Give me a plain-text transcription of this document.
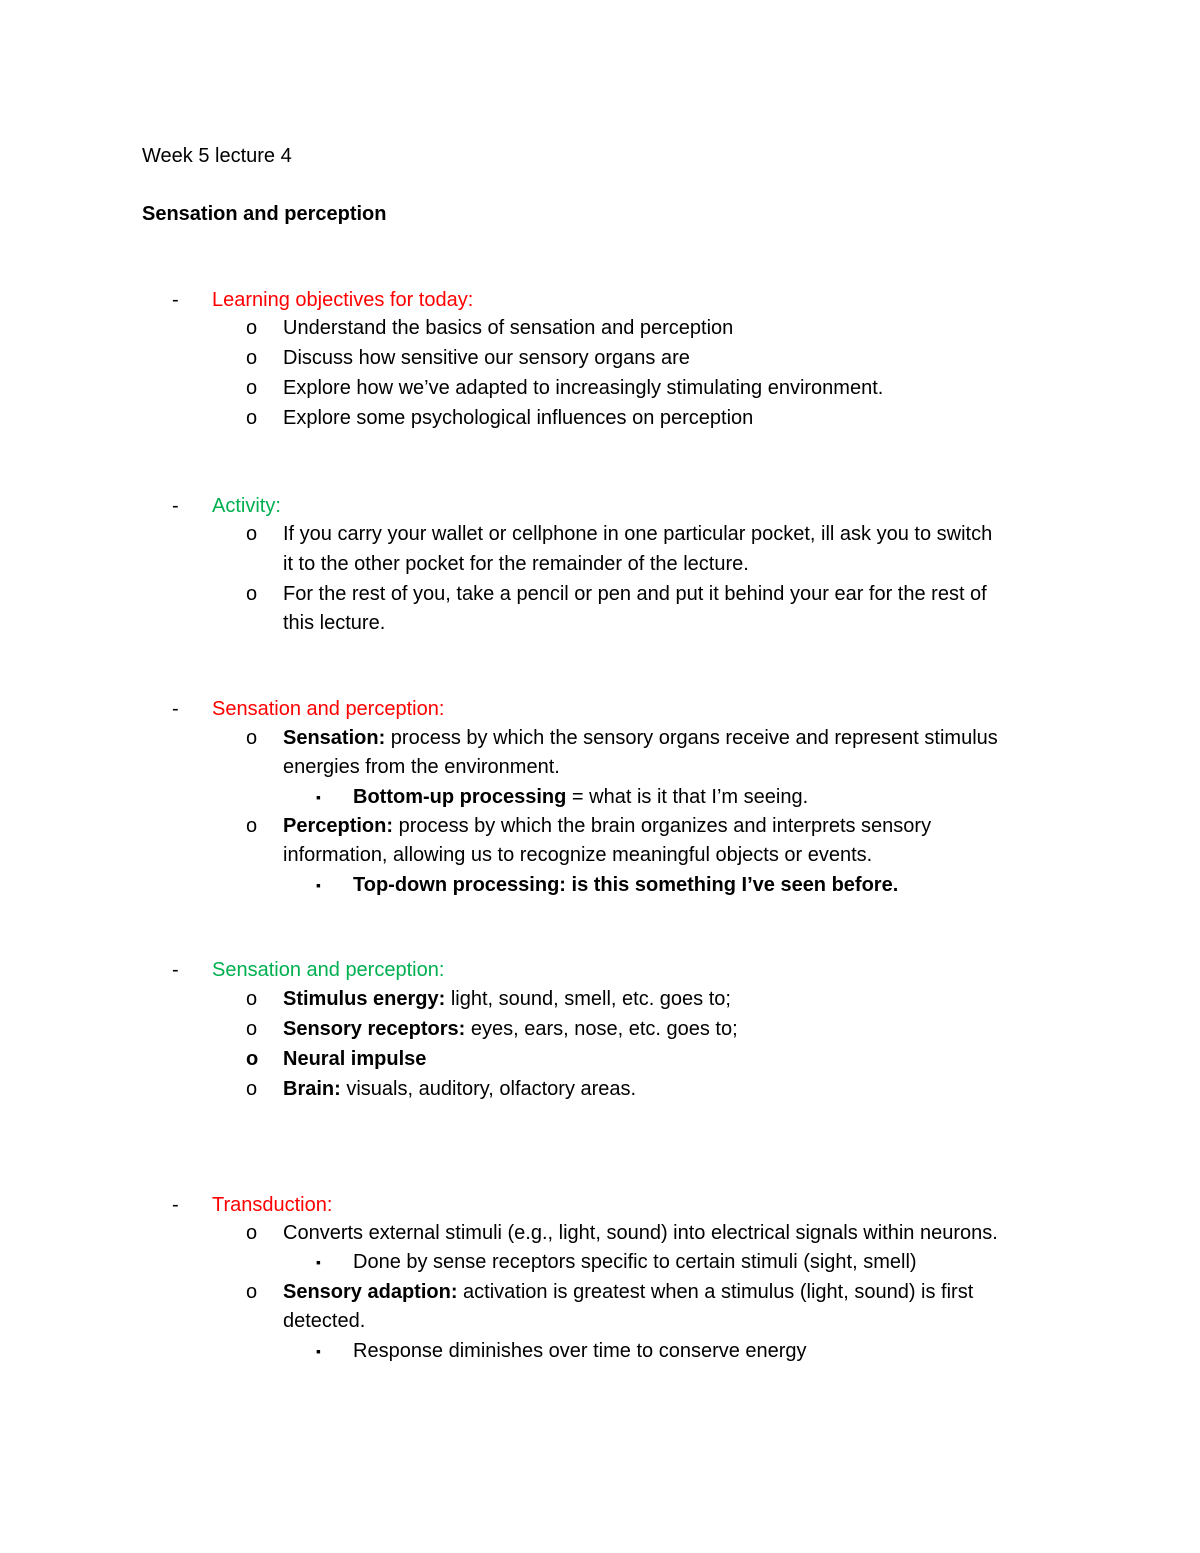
Week 5 lecture 4
Sensation and perception
-
Learning objectives for today:
o
Understand the basics of sensation and perception
o
Discuss how sensitive our sensory organs are
o
Explore how we’ve adapted to increasingly stimulating environment.
o
Explore some psychological influences on perception
-
Activity:
o
If you carry your wallet or cellphone in one particular pocket, ill ask you to switch
it to the other pocket for the remainder of the lecture.
o
For the rest of you, take a pencil or pen and put it behind your ear for the rest of
this lecture.
-
Sensation and perception:
o
Sensation: process by which the sensory organs receive and represent stimulus
energies from the environment.
▪
Bottom-up processing = what is it that I’m seeing.
o
Perception: process by which the brain organizes and interprets sensory
information, allowing us to recognize meaningful objects or events.
▪
Top-down processing: is this something I’ve seen before.
-
Sensation and perception:
o
Stimulus energy: light, sound, smell, etc. goes to;
o
Sensory receptors: eyes, ears, nose, etc. goes to;
o
Neural impulse
o
Brain: visuals, auditory, olfactory areas.
-
Transduction:
o
Converts external stimuli (e.g., light, sound) into electrical signals within neurons.
▪
Done by sense receptors specific to certain stimuli (sight, smell)
o
Sensory adaption: activation is greatest when a stimulus (light, sound) is first
detected.
▪
Response diminishes over time to conserve energy
